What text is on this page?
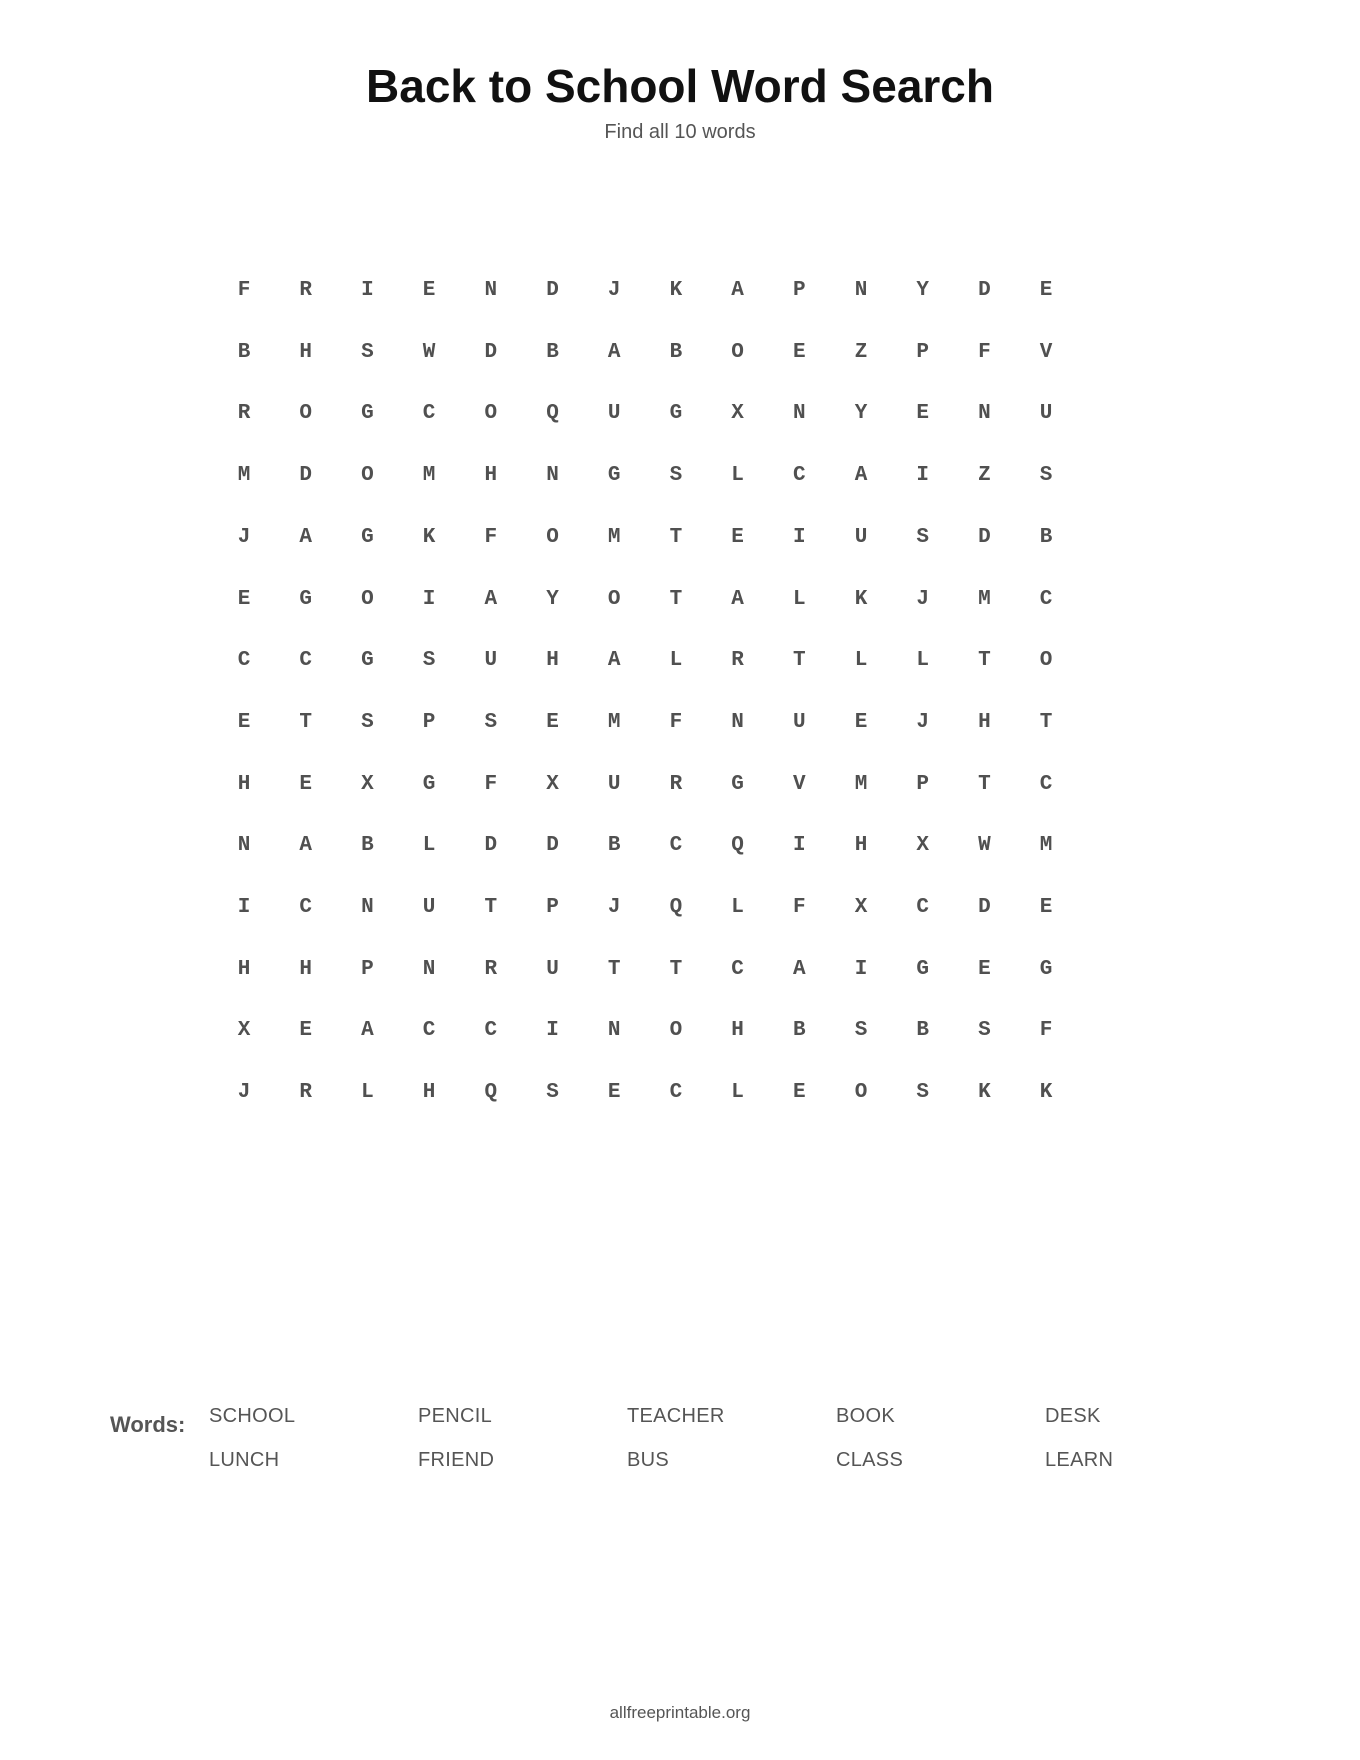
Back to School Word Search
Find all 10 words
F	R	I	E	N	D	J	K	A	P	N	Y	D	E
B	H	S	W	D	B	A	B	O	E	Z	P	F	V
R	O	G	C	O	Q	U	G	X	N	Y	E	N	U
M	D	O	M	H	N	G	S	L	C	A	I	Z	S
J	A	G	K	F	O	M	T	E	I	U	S	D	B
E	G	O	I	A	Y	O	T	A	L	K	J	M	C
C	C	G	S	U	H	A	L	R	T	L	L	T	O
E	T	S	P	S	E	M	F	N	U	E	J	H	T
H	E	X	G	F	X	U	R	G	V	M	P	T	C
N	A	B	L	D	D	B	C	Q	I	H	X	W	M
I	C	N	U	T	P	J	Q	L	F	X	C	D	E
H	H	P	N	R	U	T	T	C	A	I	G	E	G
X	E	A	C	C	I	N	O	H	B	S	B	S	F
J	R	L	H	Q	S	E	C	L	E	O	S	K	K
Words: SCHOOL	PENCIL	TEACHER	BOOK	DESK
LUNCH	FRIEND	BUS	CLASS	LEARN
allfreeprintable.org
